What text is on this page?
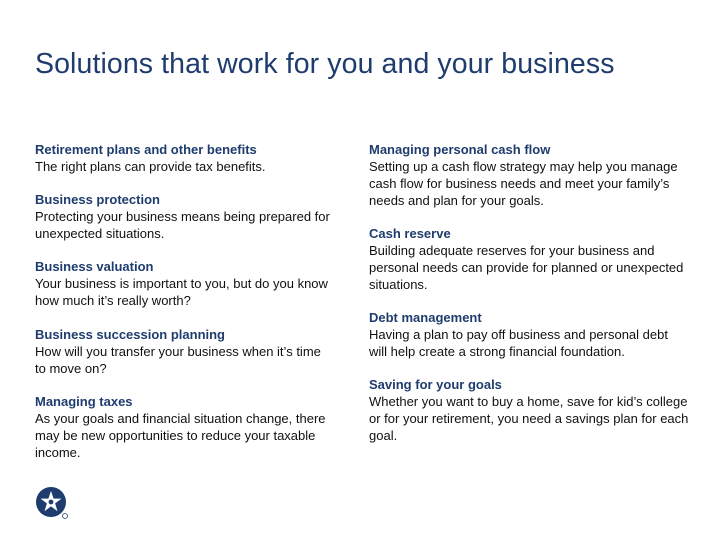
Solutions that work for you and your business
Retirement plans and other benefits
The right plans can provide tax benefits.
Business protection
Protecting your business means being prepared for unexpected situations.
Business valuation
Your business is important to you, but do you know how much it’s really worth?
Business succession planning
How will you transfer your business when it’s time to move on?
Managing taxes
As your goals and financial situation change, there may be new opportunities to reduce your taxable income.
Managing personal cash flow
Setting up a cash flow strategy may help you manage cash flow for business needs and meet your family’s needs and plan for your goals.
Cash reserve
Building adequate reserves for your business and personal needs can provide for planned or unexpected situations.
Debt management
Having a plan to pay off business and personal debt will help create a strong financial foundation.
Saving for your goals
Whether you want to buy a home, save for kid’s college or for your retirement, you need a savings plan for each goal.
